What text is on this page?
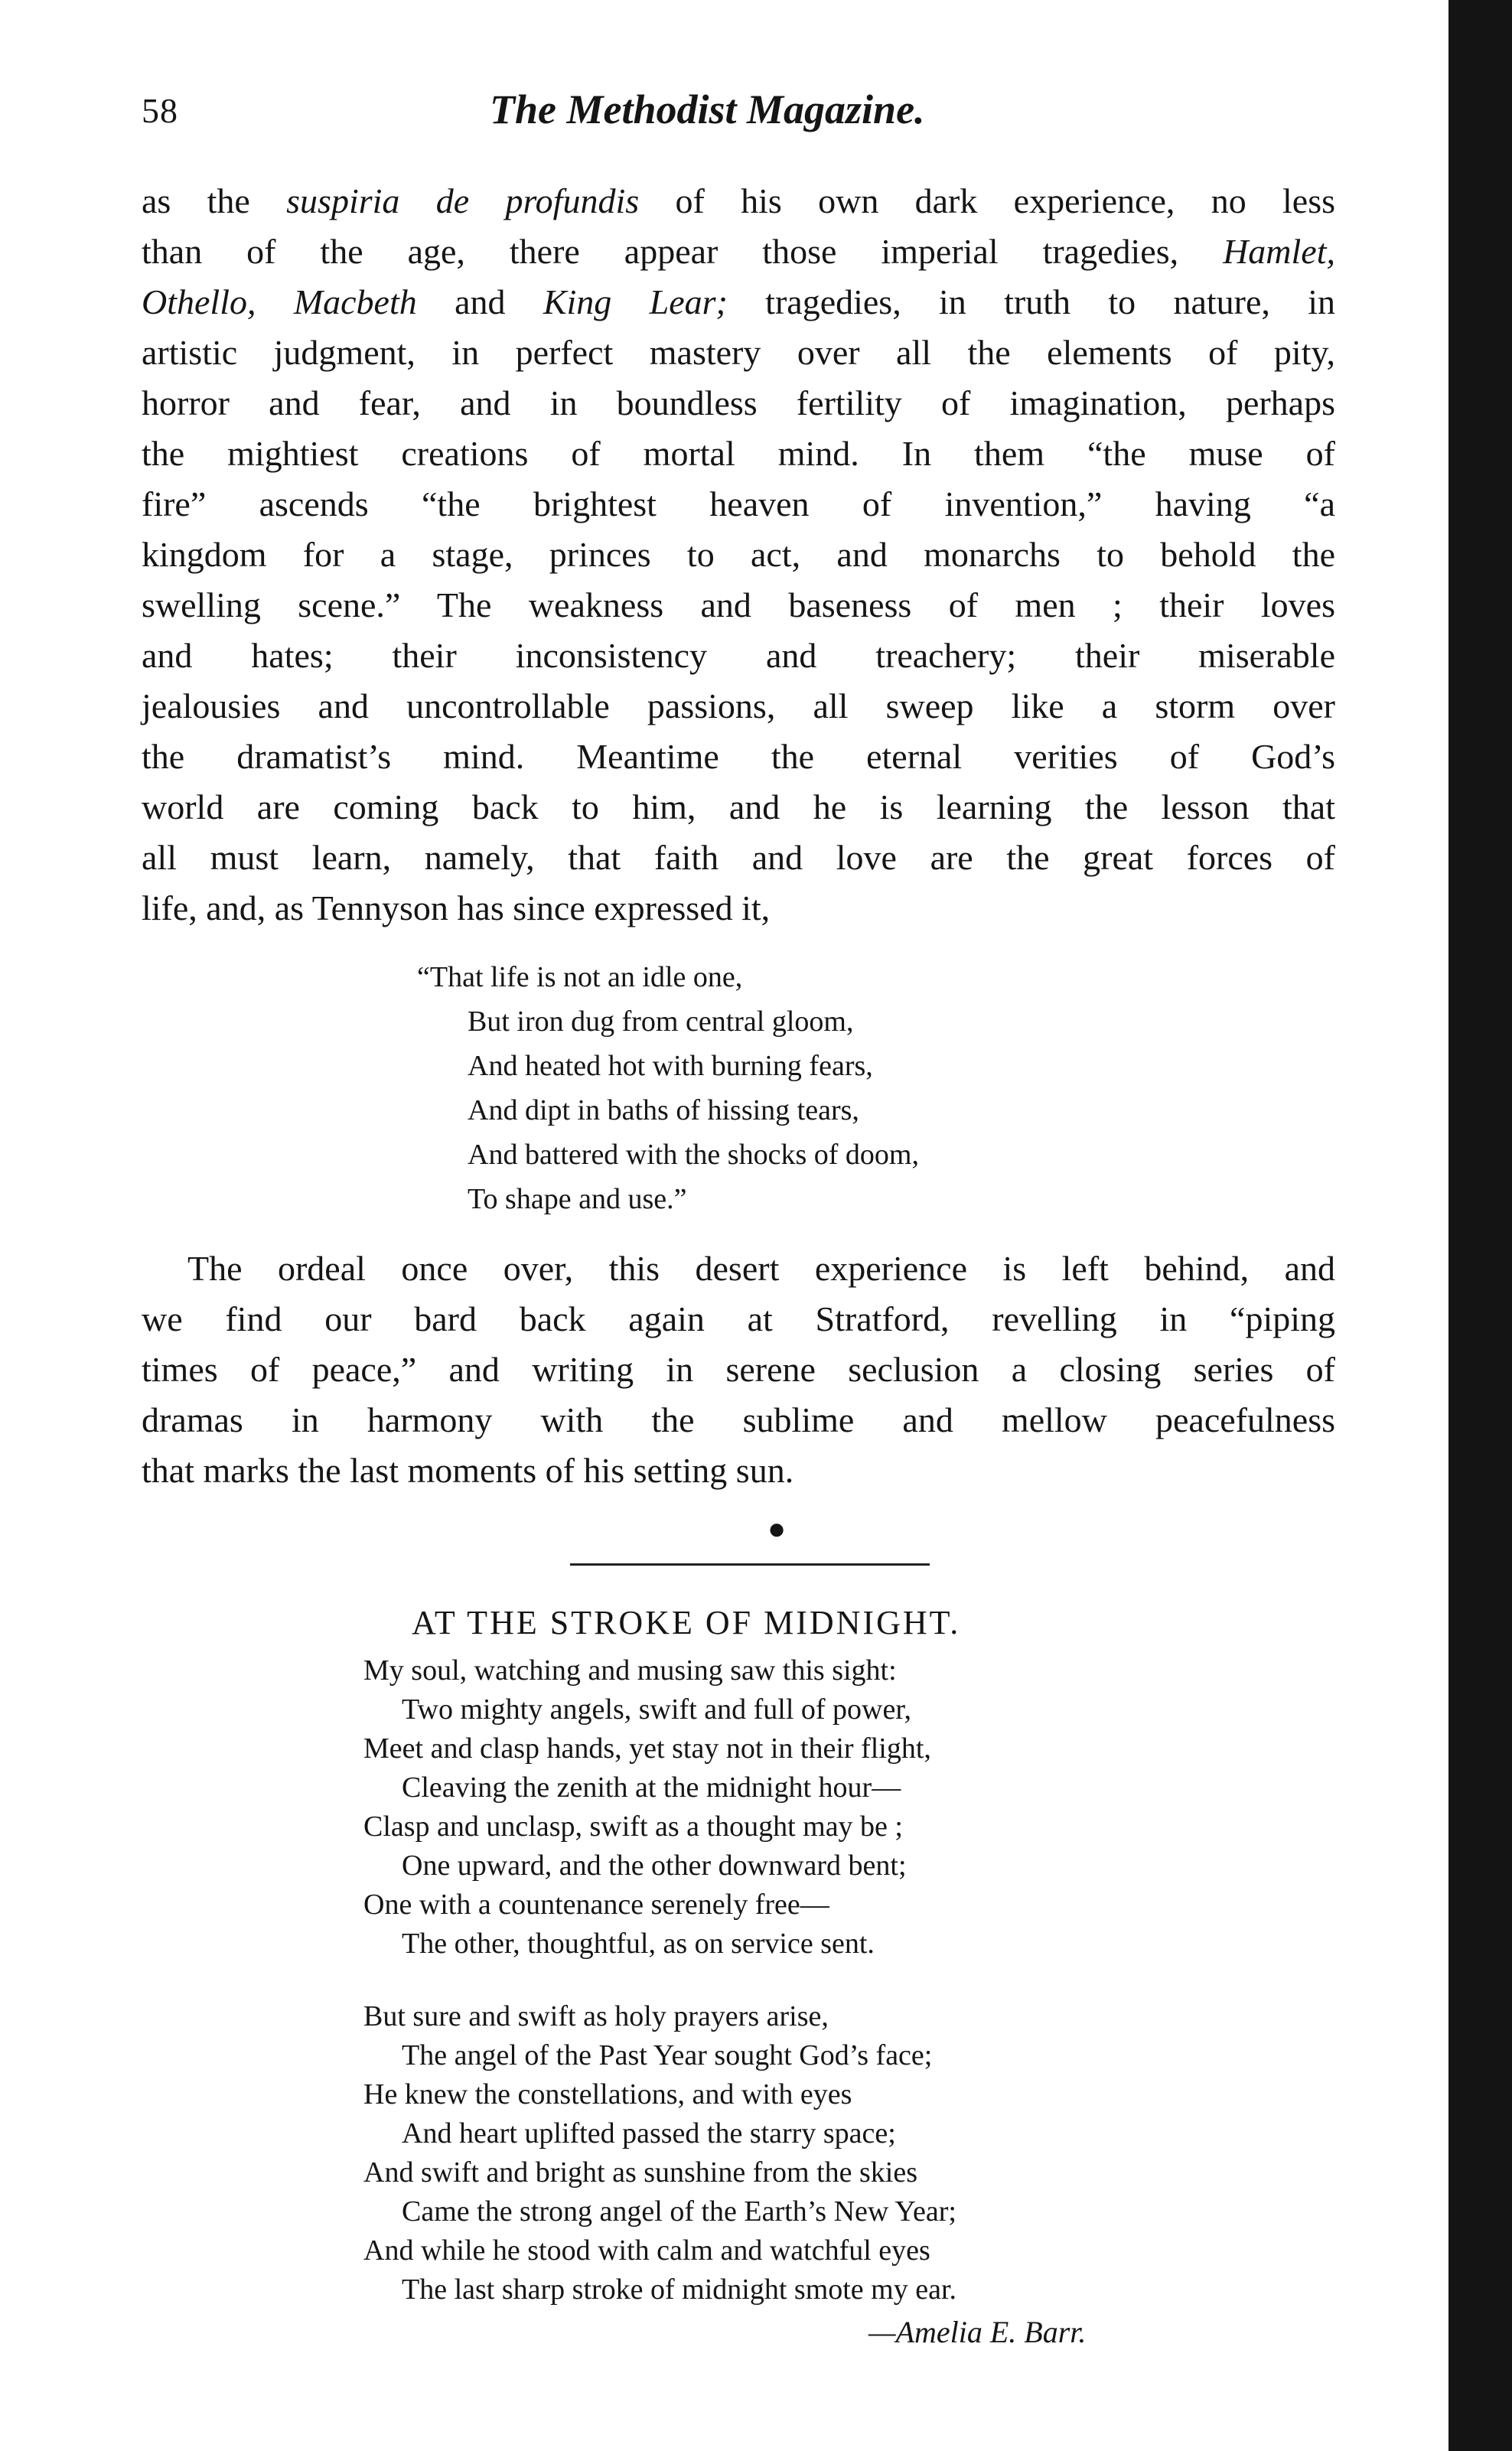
58	The Methodist Magazine.
as the suspiria de profundis of his own dark experience, no less
than of the age, there appear those imperial tragedies, Hamlet,
Othello, Macbeth and King Lear; tragedies, in truth to nature, in
artistic judgment, in perfect mastery over all the elements of pity,
horror and fear, and in boundless fertility of imagination, perhaps
the mightiest creations of mortal mind. In them “the muse of
fire” ascends “the brightest heaven of invention,” having “a
kingdom for a stage, princes to act, and monarchs to behold the
swelling scene.” The weakness and baseness of men ; their loves
and hates; their inconsistency and treachery; their miserable
jealousies and uncontrollable passions, all sweep like a storm over
the dramatist’s mind. Meantime the eternal verities of God’s
world are coming back to him, and he is learning the lesson that
all must learn, namely, that faith and love are the great forces of
life, and, as Tennyson has since expressed it,
“That life is not an idle one,
But iron dug from central gloom,
And heated hot with burning fears,
And dipt in baths of hissing tears,
And battered with the shocks of doom,
To shape and use.”
The ordeal once over, this desert experience is left behind, and
we find our bard back again at Stratford, revelling in “piping
times of peace,” and writing in serene seclusion a closing series of
dramas in harmony with the sublime and mellow peacefulness
that marks the last moments of his setting sun.
●
AT THE STROKE OF MIDNIGHT.
My soul, watching and musing saw this sight:
Two mighty angels, swift and full of power,
Meet and clasp hands, yet stay not in their flight,
Cleaving the zenith at the midnight hour—
Clasp and unclasp, swift as a thought may be ;
One upward, and the other downward bent;
One with a countenance serenely free—
The other, thoughtful, as on service sent.
But sure and swift as holy prayers arise,
The angel of the Past Year sought God’s face;
He knew the constellations, and with eyes
And heart uplifted passed the starry space;
And swift and bright as sunshine from the skies
Came the strong angel of the Earth’s New Year;
And while he stood with calm and watchful eyes
The last sharp stroke of midnight smote my ear.
—Amelia E. Barr.
